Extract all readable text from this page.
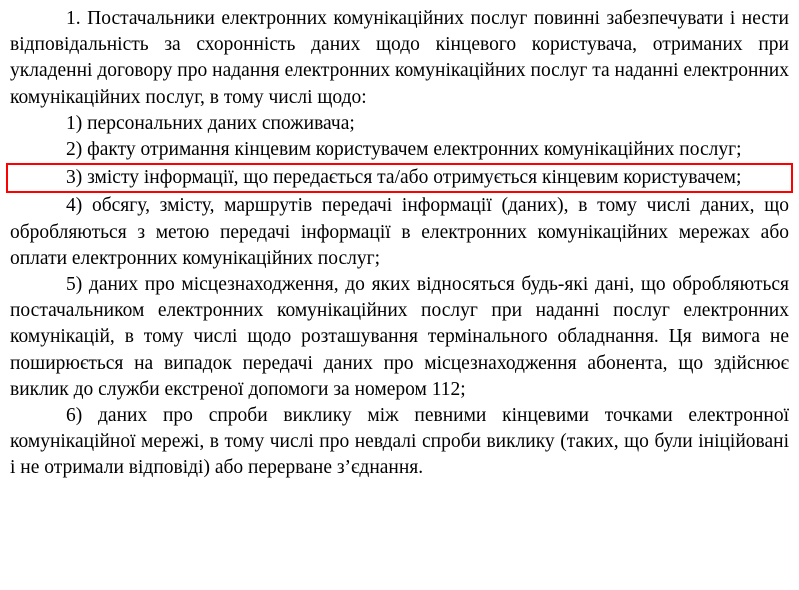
1. Постачальники електронних комунікаційних послуг повинні забезпечувати і нести відповідальність за схоронність даних щодо кінцевого користувача, отриманих при укладенні договору про надання електронних комунікаційних послуг та наданні електронних комунікаційних послуг, в тому числі щодо:

1) персональних даних споживача;

2) факту отримання кінцевим користувачем електронних комунікаційних послуг;

3) змісту інформації, що передається та/або отримується кінцевим користувачем;

4) обсягу, змісту, маршрутів передачі інформації (даних), в тому числі даних, що обробляються з метою передачі інформації в електронних комунікаційних мережах або оплати електронних комунікаційних послуг;

5) даних про місцезнаходження, до яких відносяться будь-які дані, що обробляються постачальником електронних комунікаційних послуг при наданні послуг електронних комунікацій, в тому числі щодо розташування термінального обладнання. Ця вимога не поширюється на випадок передачі даних про місцезнаходження абонента, що здійснює виклик до служби екстреної допомоги за номером 112;

6) даних про спроби виклику між певними кінцевими точками електронної комунікаційної мережі, в тому числі про невдалі спроби виклику (таких, що були ініційовані і не отримали відповіді) або перерване з’єднання.
